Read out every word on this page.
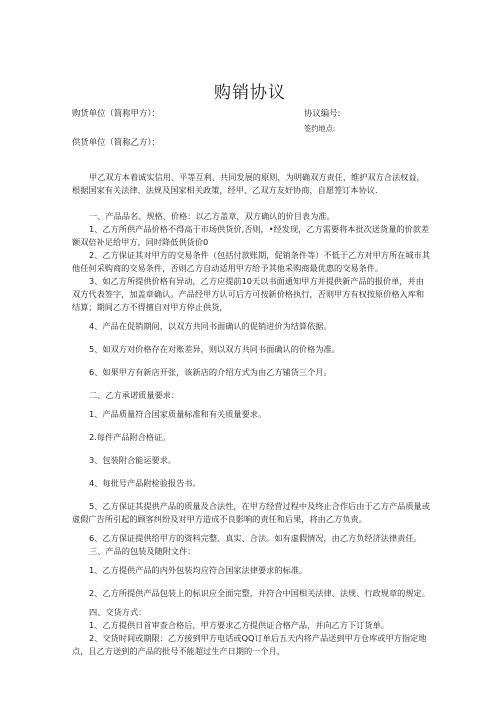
购销协议
购货单位（简称甲方）：	协议编号:
签约地点:
供货单位（简称乙方）：

甲乙双方本着诚实信用、平等互利、共同发展的原则，为明确双方责任，维护双方合法权益，根据国家有关法律、法规及国家相关政策，经甲、乙双方友好协商，自愿签订本协议.

一、产品品名、规格、价格：以乙方盖章，双方确认的价目表为准。

1、乙方所供产品价格不得高于市场供货价,否则，•经发现，乙方需要将本批次送货量的价款差额双倍补足给甲方，同时降低供货价0

2、乙方保证其对甲方的交易条件（包括付款账期，促销条件等）不低于乙方对甲方所在城市其他任何采购商的交易条件，否则乙方自动适用甲方给予其他采购商最优惠的交易条件。

3、如乙方所提供价格有异动，乙方应提前10天以书面通知甲方并提供新产品的报价单，并由双方代表签字，加盖章确认。产品经甲方认可后方可按新价格执行，否则甲方有权按原价格入库和结算；期间乙方不得擅自对甲方停止供货，

4、产品在促销期间，以双方共同书面确认的促销进价为结算依据。

5、如双方对价格存在对账差异，则以双方共同书面确认的价格为准。

6、如果甲方有新店开张，该新店的介绍方式为由乙方铺货三个月。

二、乙方承诺质量要求：

1、产品质量符合国家质量标准和有关质量要求。

2.每件产品附合格证。

3、包装附合能运要求。

4、每批号产品附检验报告书。

5、乙方保证其提供产品的质量及合法性，在甲方经营过程中及终止合作后由于乙方产品质量或虚假广告所引起的顾客纠纷及对甲方造成不良影响的责任和后果，将由乙方负责。

6、乙方保证提供给甲方的资料完整、真实、合法。如有虚假情况，由乙方负经济法律责任。

三、产品的包装及随附文件：

1、乙方提供产品的内外包装均应符合国家法律要求的标准。

2、乙方所提供产品包装上的标识应全面完整，并符合中国相关法律、法规、行政规章的规定。

四、交货方式：

1、乙方提供日首审查合格后，甲方要求乙方提供证合格产品，并向乙方下订货单。

2、交货时间或期限：乙方接到甲方电话或QQ订单后五天内将产品送到甲方仓库或甲方指定地点，且乙方送到的产品的批号不能超过生产日期的一个月，
